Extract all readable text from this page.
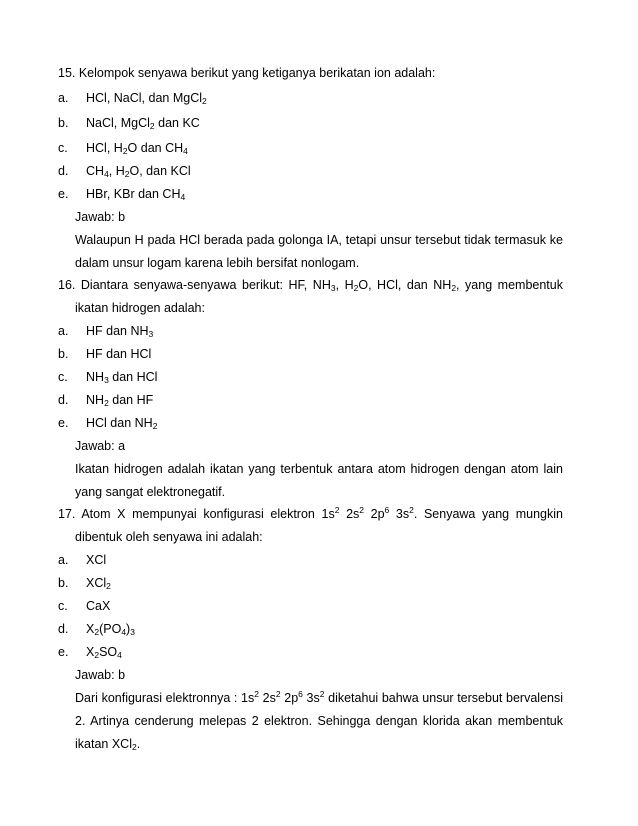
15. Kelompok senyawa berikut yang ketiganya berikatan ion adalah:
a. HCl, NaCl, dan MgCl$_2$
b. NaCl, MgCl$_2$ dan KC
c. HCl, $H_2O$ dan $CH_4$
d. $CH_4$, $H_2O$, dan KCl
e. HBr, KBr dan $CH_4$
Jawab: b
Walaupun H pada HCl berada pada golonga IA, tetapi unsur tersebut tidak termasuk ke
dalam unsur logam karena lebih bersifat nonlogam.
16. Diantara senyawa-senyawa berikut: HF, $NH_3$, $H_2O$, HCl, dan $NH_2$, yang membentuk
ikatan hidrogen adalah:
a. HF dan $NH_3$
b. HF dan HCl
c. $NH_3$ dan HCl
d. $NH_2$ dan HF
e. HCl dan $NH_2$
Jawab: a
Ikatan hidrogen adalah ikatan yang terbentuk antara atom hidrogen dengan atom lain
yang sangat elektronegatif.
17. Atom X mempunyai konfigurasi elektron $1s^2$ $2s^2$ $2p^6$ $3s^2$. Senyawa yang mungkin
dibentuk oleh senyawa ini adalah:
a. XCl
b. XCl$_2$
c. CaX
d. $X_2(PO_4)_3$
e. $X_2SO_4$
Jawab: b
Dari konfigurasi elektronnya : $1s^2$ $2s^2$ $2p^6$ $3s^2$ diketahui bahwa unsur tersebut bervalensi
2. Artinya cenderung melepas 2 elektron. Sehingga dengan klorida akan membentuk
ikatan XCl$_2$.
